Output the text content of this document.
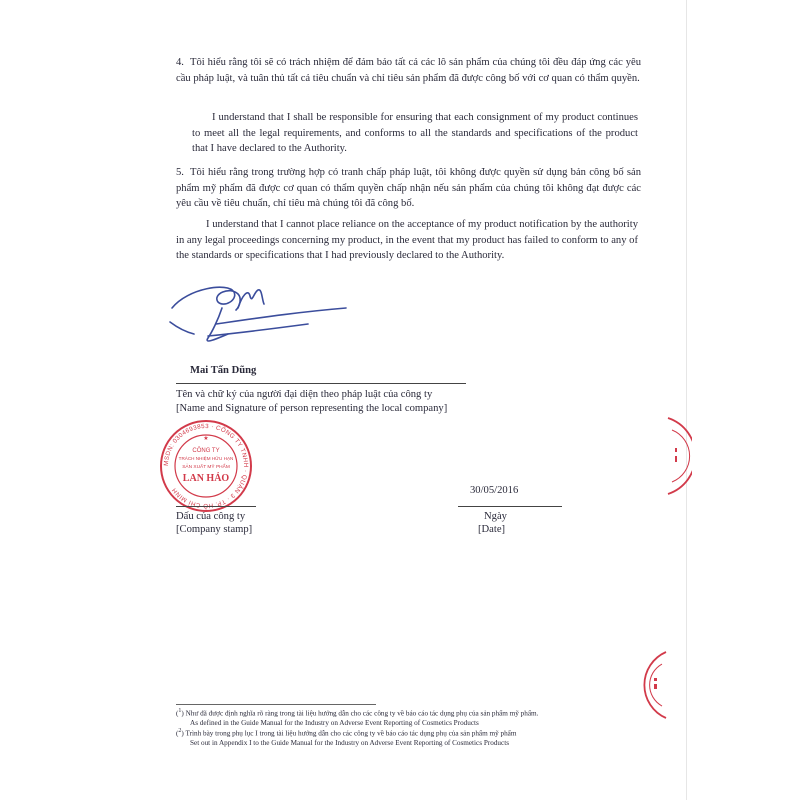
4. Tôi hiểu rằng tôi sẽ có trách nhiệm để đảm bảo tất cả các lô sản phẩm của chúng tôi đều đáp ứng các yêu cầu pháp luật, và tuân thủ tất cả tiêu chuẩn và chỉ tiêu sản phẩm đã được công bố với cơ quan có thẩm quyền.
I understand that I shall be responsible for ensuring that each consignment of my product continues to meet all the legal requirements, and conforms to all the standards and specifications of the product that I have declared to the Authority.
5. Tôi hiểu rằng trong trường hợp có tranh chấp pháp luật, tôi không được quyền sử dụng bản công bố sản phẩm mỹ phẩm đã được cơ quan có thẩm quyền chấp nhận nếu sản phẩm của chúng tôi không đạt được các yêu cầu về tiêu chuẩn, chỉ tiêu mà chúng tôi đã công bố.
I understand that I cannot place reliance on the acceptance of my product notification by the authority in any legal proceedings concerning my product, in the event that my product has failed to conform to any of the standards or specifications that I had previously declared to the Authority.
Mai Tấn Dũng
Tên và chữ ký của người đại diện theo pháp luật của công ty
[Name and Signature of person representing the local company]
MSDN: 0304693853 · CÔNG TY TNHH · QUẬN 3 · TP. HỒ CHÍ MINH
CÔNG TY
TRÁCH NHIỆM HỮU HẠN
SẢN XUẤT MỸ PHẨM
LAN HẢO
★
30/05/2016
Dấu của công ty
[Company stamp]
Ngày
[Date]
($^1$) Như đã được định nghĩa rõ ràng trong tài liệu hướng dẫn cho các công ty về báo cáo tác dụng phụ của sản phẩm mỹ phẩm.
As defined in the Guide Manual for the Industry on Adverse Event Reporting of Cosmetics Products
($^2$) Trình bày trong phụ lục I trong tài liệu hướng dẫn cho các công ty về báo cáo tác dụng phụ của sản phẩm mỹ phẩm
Set out in Appendix I to the Guide Manual for the Industry on Adverse Event Reporting of Cosmetics Products
